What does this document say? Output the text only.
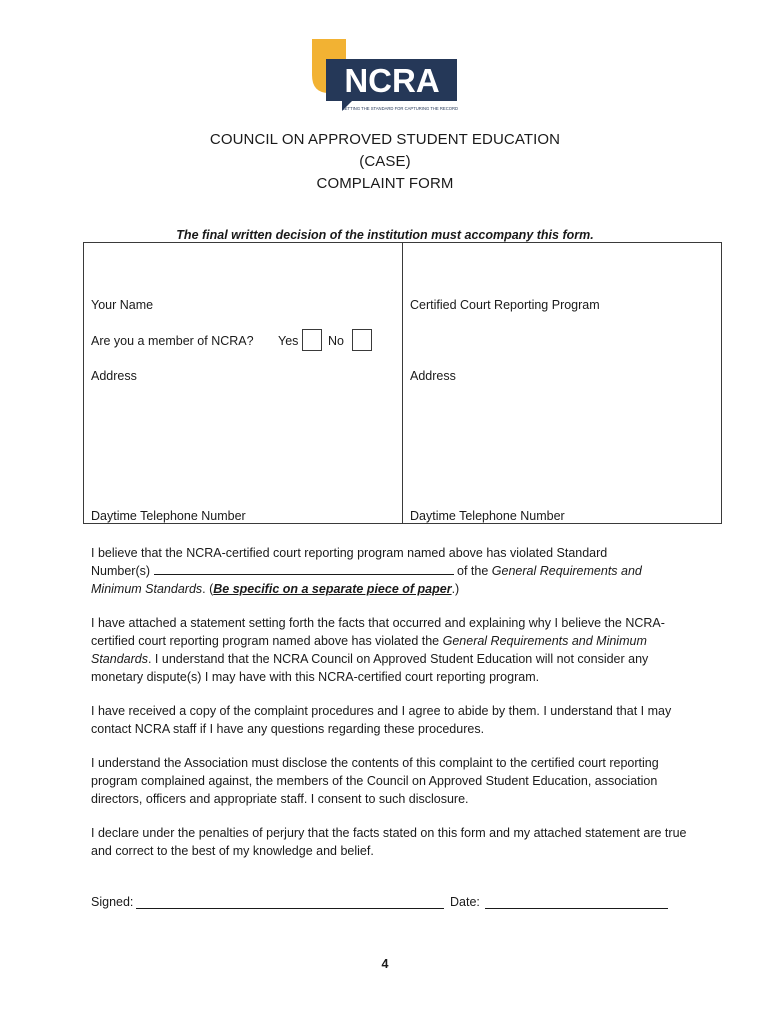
NCRA
SETTING THE STANDARD FOR CAPTURING THE RECORD
COUNCIL ON APPROVED STUDENT EDUCATION
(CASE)
COMPLAINT FORM
The final written decision of the institution must accompany this form.
Your Name
Are you a member of NCRA? Yes No
Address
Daytime Telephone Number
Certified Court Reporting Program
Address
Daytime Telephone Number

I believe that the NCRA-certified court reporting program named above has violated Standard
Number(s)	of the General Requirements and
Minimum Standards. (Be specific on a separate piece of paper.)

I have attached a statement setting forth the facts that occurred and explaining why I believe the NCRA-certified court reporting program named above has violated the General Requirements and Minimum Standards. I understand that the NCRA Council on Approved Student Education will not consider any monetary dispute(s) I may have with this NCRA-certified court reporting program.

I have received a copy of the complaint procedures and I agree to abide by them. I understand that I may contact NCRA staff if I have any questions regarding these procedures.

I understand the Association must disclose the contents of this complaint to the certified court reporting program complained against, the members of the Council on Approved Student Education, association directors, officers and appropriate staff. I consent to such disclosure.

I declare under the penalties of perjury that the facts stated on this form and my attached statement are true and correct to the best of my knowledge and belief.

Signed:	Date:
4
